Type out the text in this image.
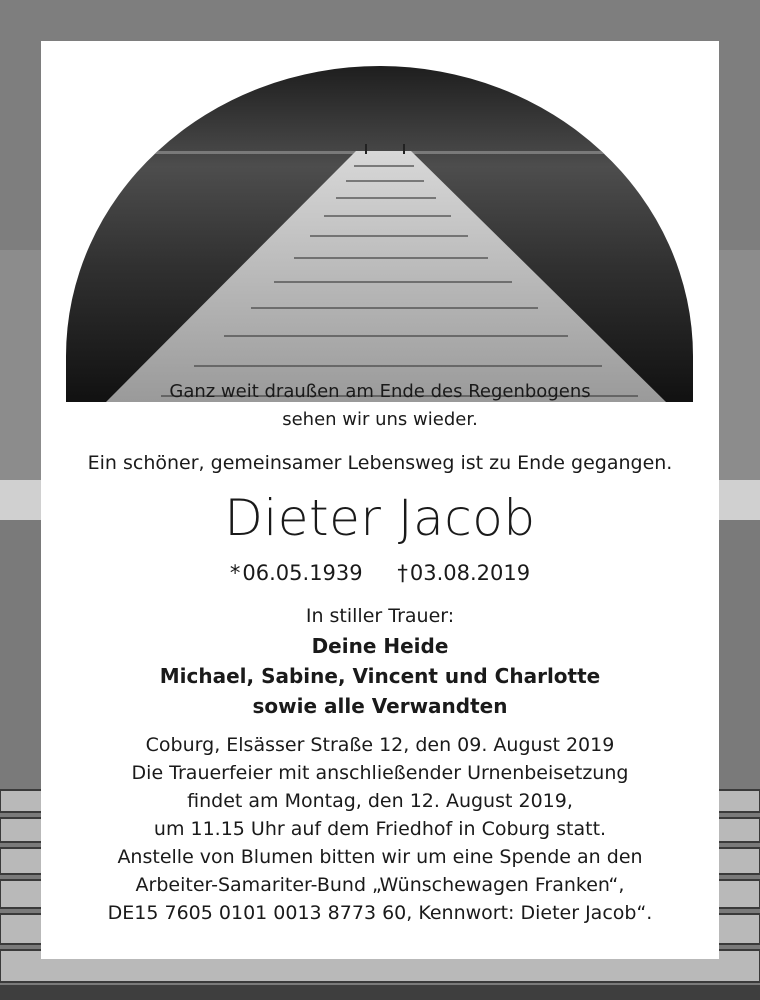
Ganz weit draußen am Ende des Regenbogens
sehen wir uns wieder.
Ein schöner, gemeinsamer Lebensweg ist zu Ende gegangen.
Dieter Jacob
*06.05.1939 †03.08.2019
In stiller Trauer:
Deine Heide
Michael, Sabine, Vincent und Charlotte
sowie alle Verwandten
Coburg, Elsässer Straße 12, den 09. August 2019
Die Trauerfeier mit anschließender Urnenbeisetzung
findet am Montag, den 12. August 2019,
um 11.15 Uhr auf dem Friedhof in Coburg statt.
Anstelle von Blumen bitten wir um eine Spende an den
Arbeiter-Samariter-Bund „Wünschewagen Franken“,
DE15 7605 0101 0013 8773 60, Kennwort: Dieter Jacob“.
